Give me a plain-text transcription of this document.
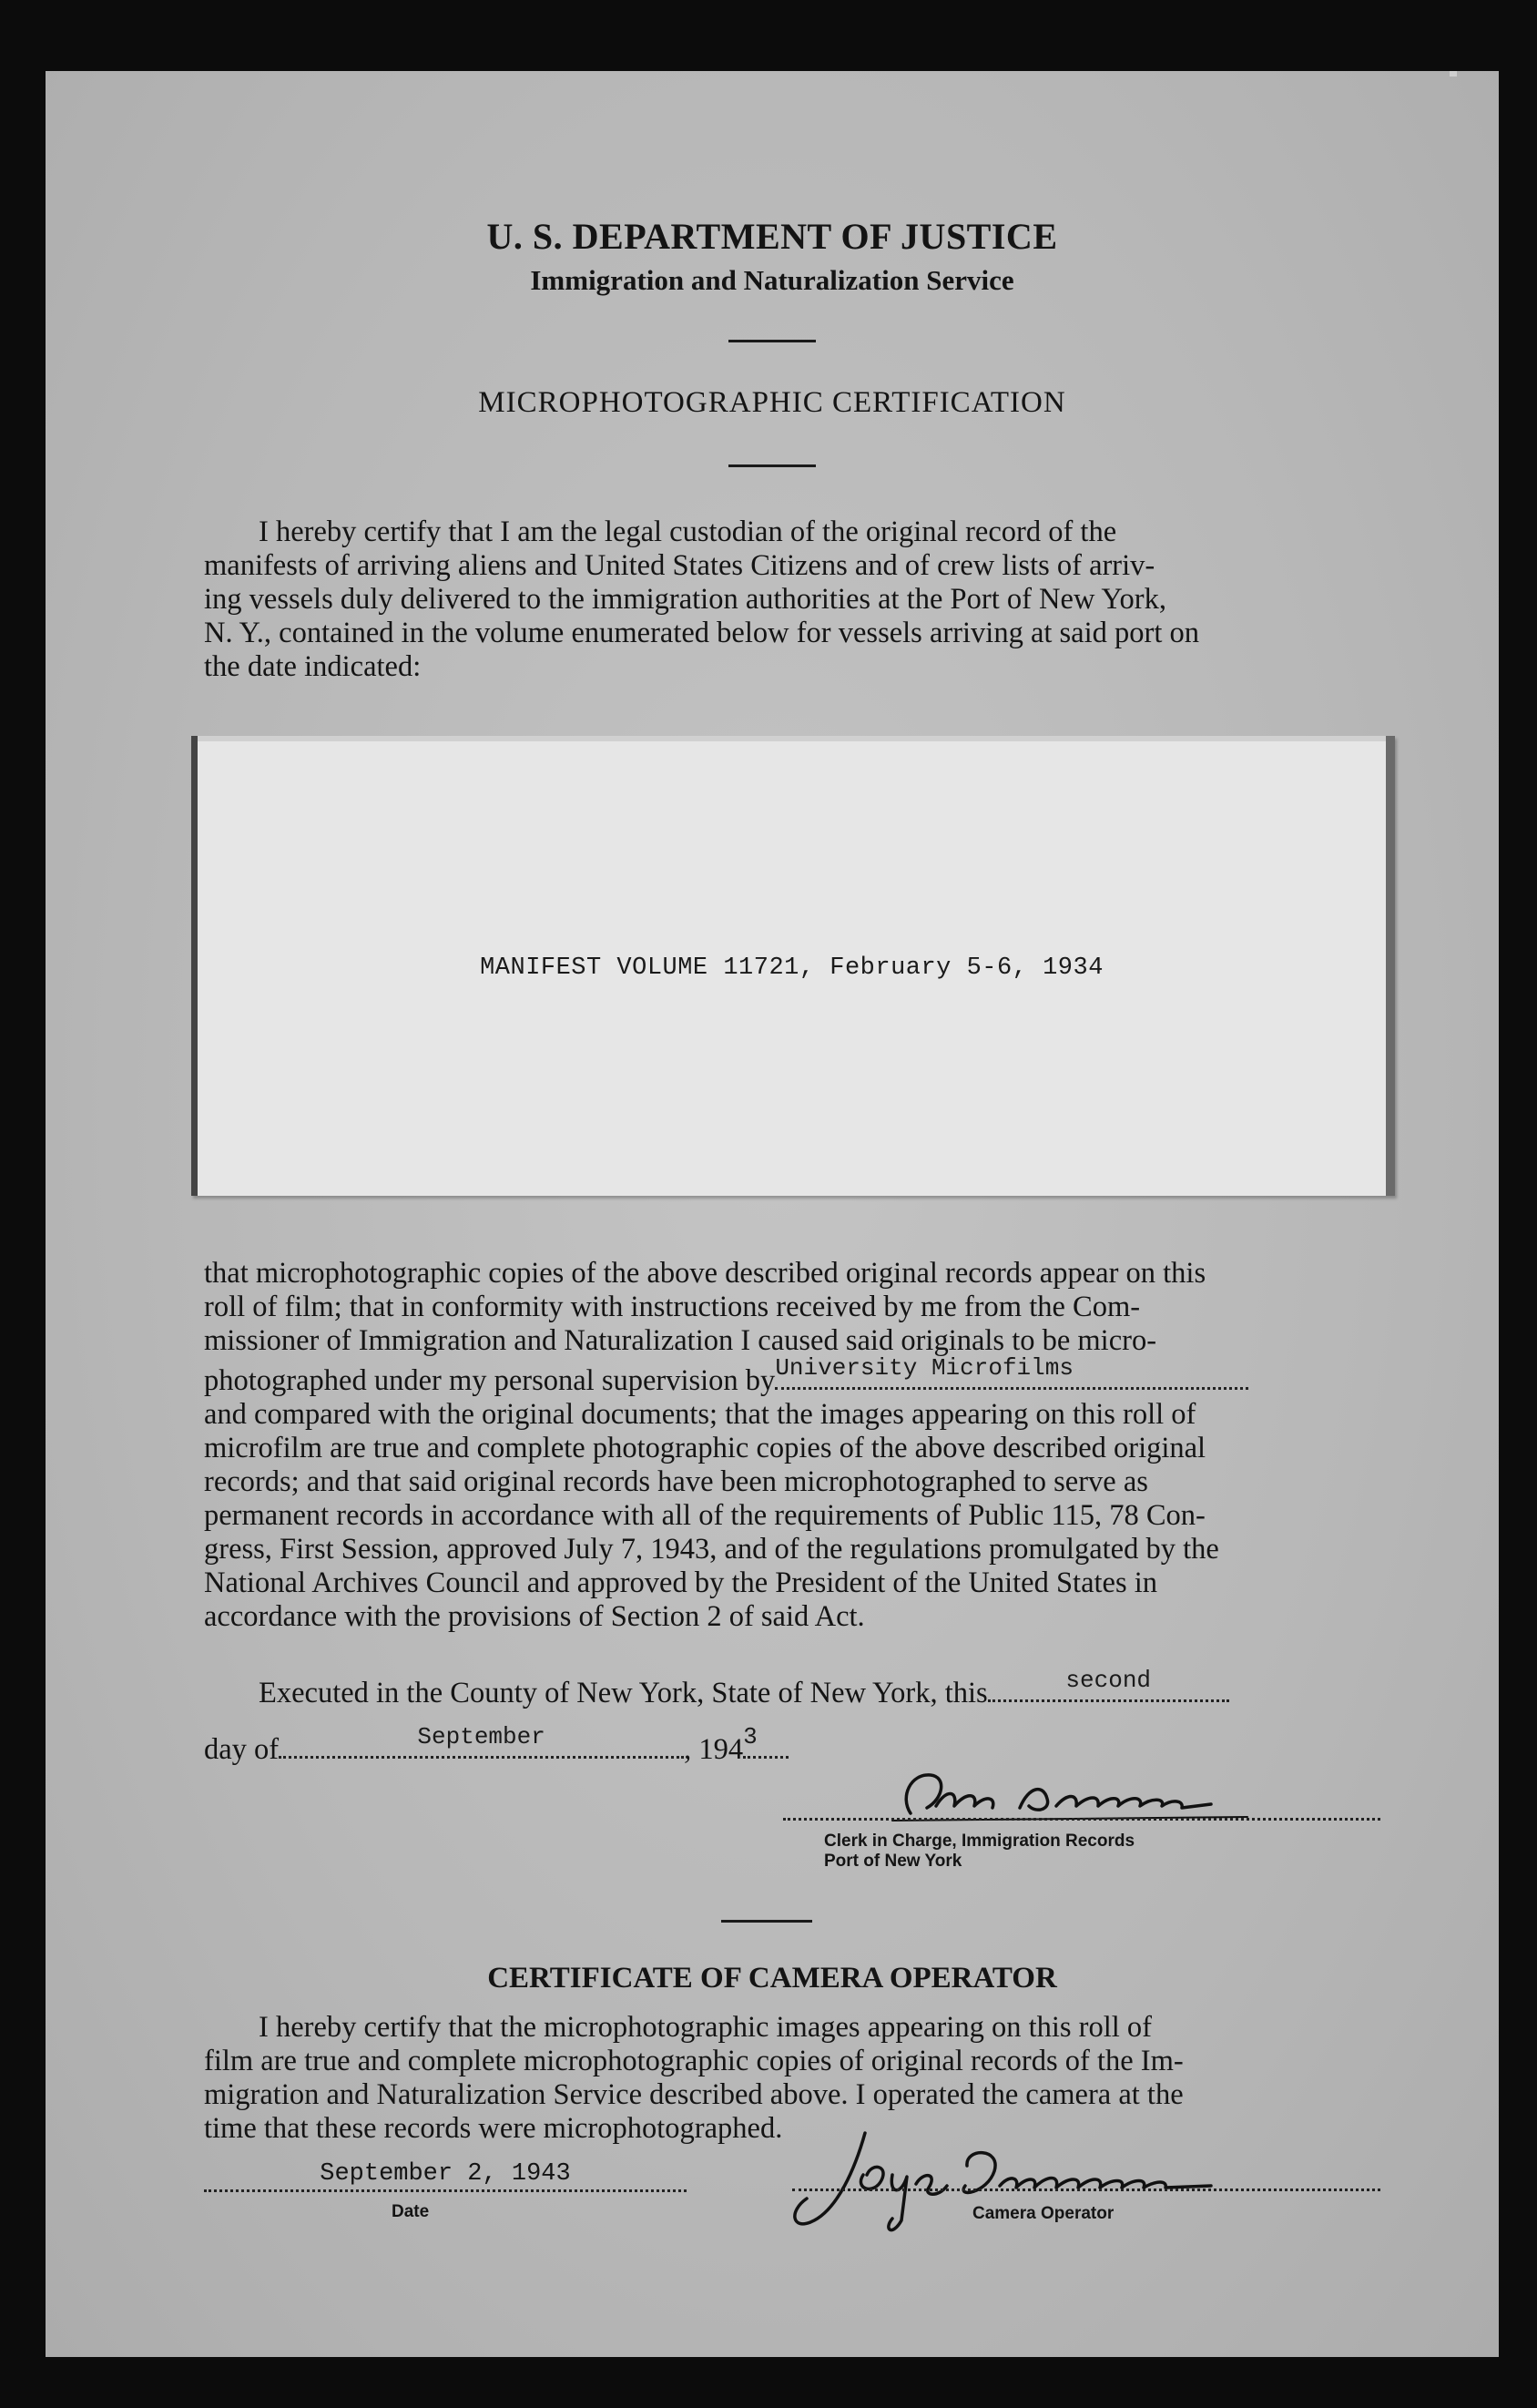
U. S. DEPARTMENT OF JUSTICE
Immigration and Naturalization Service
MICROPHOTOGRAPHIC CERTIFICATION
I hereby certify that I am the legal custodian of the original record of the
manifests of arriving aliens and United States Citizens and of crew lists of arriv-
ing vessels duly delivered to the immigration authorities at the Port of New York,
N. Y., contained in the volume enumerated below for vessels arriving at said port on
the date indicated:
MANIFEST VOLUME 11721, February 5-6, 1934
that microphotographic copies of the above described original records appear on this
roll of film; that in conformity with instructions received by me from the Com-
missioner of Immigration and Naturalization I caused said originals to be micro-
photographed under my personal supervision by University Microfilms
and compared with the original documents; that the images appearing on this roll of
microfilm are true and complete photographic copies of the above described original
records; and that said original records have been microphotographed to serve as
permanent records in accordance with all of the requirements of Public 115, 78 Con-
gress, First Session, approved July 7, 1943, and of the regulations promulgated by the
National Archives Council and approved by the President of the United States in
accordance with the provisions of Section 2 of said Act.
Executed in the County of New York, State of New York, this	second
day of	September	, 194 3
Clerk in Charge, Immigration Records
Port of New York
CERTIFICATE OF CAMERA OPERATOR
I hereby certify that the microphotographic images appearing on this roll of
film are true and complete microphotographic copies of original records of the Im-
migration and Naturalization Service described above. I operated the camera at the
time that these records were microphotographed.
September 2, 1943
Date	Camera Operator
